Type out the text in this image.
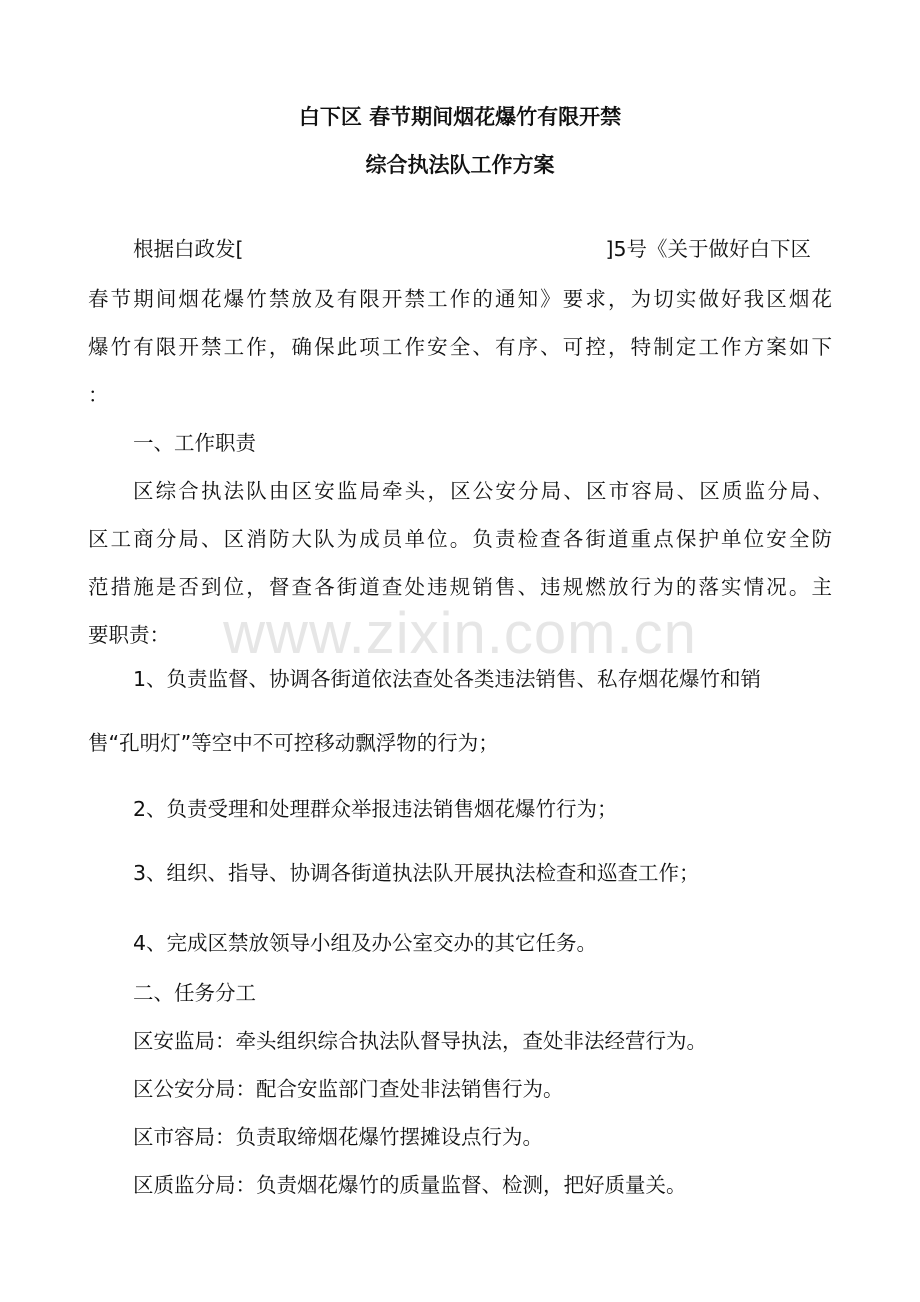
www.zixin.com.cn
白下区 春节期间烟花爆竹有限开禁
综合执法队工作方案
根据白政发[	]5号《关于做好白下区
春节期间烟花爆竹禁放及有限开禁工作的通知》要求，为切实做好我区烟花
爆竹有限开禁工作，确保此项工作安全、有序、可控，特制定工作方案如下
：
一、工作职责
区综合执法队由区安监局牵头，区公安分局、区市容局、区质监分局、
区工商分局、区消防大队为成员单位。负责检查各街道重点保护单位安全防
范措施是否到位，督查各街道查处违规销售、违规燃放行为的落实情况。主
要职责：
1、负责监督、协调各街道依法查处各类违法销售、私存烟花爆竹和销
售“孔明灯”等空中不可控移动飘浮物的行为；
2、负责受理和处理群众举报违法销售烟花爆竹行为；
3、组织、指导、协调各街道执法队开展执法检查和巡查工作；
4、完成区禁放领导小组及办公室交办的其它任务。
二、任务分工
区安监局：牵头组织综合执法队督导执法，查处非法经营行为。
区公安分局：配合安监部门查处非法销售行为。
区市容局：负责取缔烟花爆竹摆摊设点行为。
区质监分局：负责烟花爆竹的质量监督、检测，把好质量关。
